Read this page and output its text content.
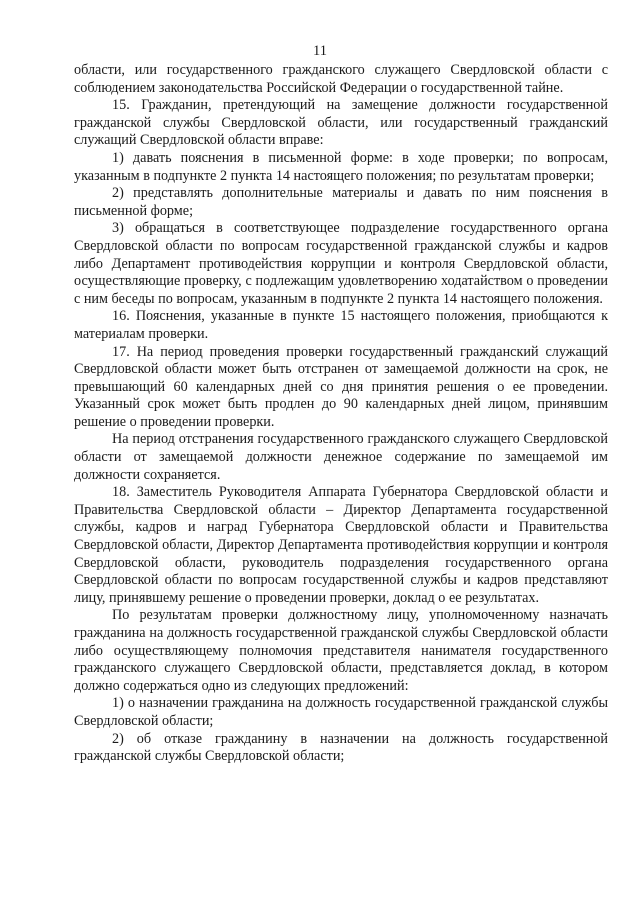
11

области, или государственного гражданского служащего Свердловской области с соблюдением законодательства Российской Федерации о государственной тайне.

15. Гражданин, претендующий на замещение должности государственной гражданской службы Свердловской области, или государственный гражданский служащий Свердловской области вправе:

1) давать пояснения в письменной форме: в ходе проверки; по вопросам, указанным в подпункте 2 пункта 14 настоящего положения; по результатам проверки;

2) представлять дополнительные материалы и давать по ним пояснения в письменной форме;

3) обращаться в соответствующее подразделение государственного органа Свердловской области по вопросам государственной гражданской службы и кадров либо Департамент противодействия коррупции и контроля Свердловской области, осуществляющие проверку, с подлежащим удовлетворению ходатайством о проведении с ним беседы по вопросам, указанным в подпункте 2 пункта 14 настоящего положения.

16. Пояснения, указанные в пункте 15 настоящего положения, приобщаются к материалам проверки.

17. На период проведения проверки государственный гражданский служащий Свердловской области может быть отстранен от замещаемой должности на срок, не превышающий 60 календарных дней со дня принятия решения о ее проведении. Указанный срок может быть продлен до 90 календарных дней лицом, принявшим решение о проведении проверки.

На период отстранения государственного гражданского служащего Свердловской области от замещаемой должности денежное содержание по замещаемой им должности сохраняется.

18. Заместитель Руководителя Аппарата Губернатора Свердловской области и Правительства Свердловской области – Директор Департамента государственной службы, кадров и наград Губернатора Свердловской области и Правительства Свердловской области, Директор Департамента противодействия коррупции и контроля Свердловской области, руководитель подразделения государственного органа Свердловской области по вопросам государственной службы и кадров представляют лицу, принявшему решение о проведении проверки, доклад о ее результатах.

По результатам проверки должностному лицу, уполномоченному назначать гражданина на должность государственной гражданской службы Свердловской области либо осуществляющему полномочия представителя нанимателя государственного гражданского служащего Свердловской области, представляется доклад, в котором должно содержаться одно из следующих предложений:

1) о назначении гражданина на должность государственной гражданской службы Свердловской области;

2) об отказе гражданину в назначении на должность государственной гражданской службы Свердловской области;
